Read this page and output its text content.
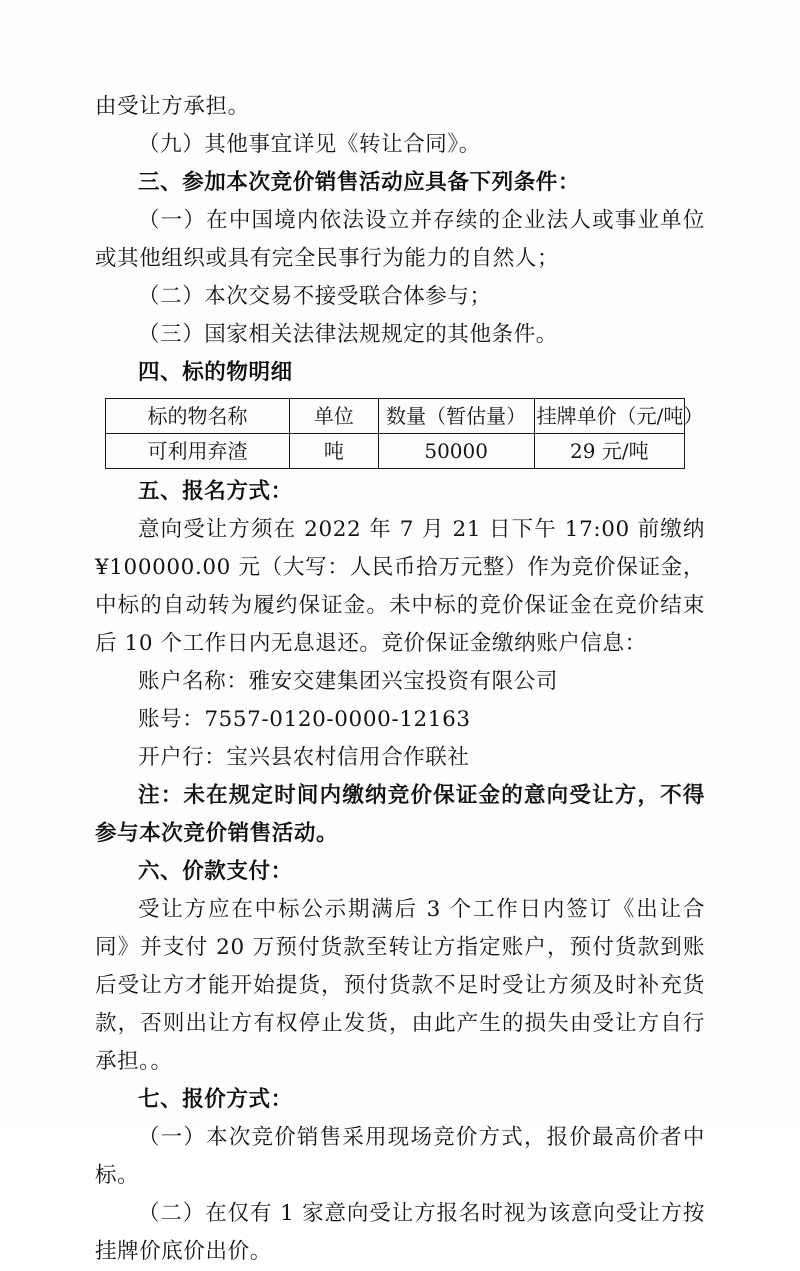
由受让方承担。

（九）其他事宜详见《转让合同》。

三、参加本次竞价销售活动应具备下列条件：

（一）在中国境内依法设立并存续的企业法人或事业单位或其他组织或具有完全民事行为能力的自然人；

（二）本次交易不接受联合体参与；

（三）国家相关法律法规规定的其他条件。

四、标的物明细

标的物名称	单位	数量（暂估量）	挂牌单价（元/吨）
可利用弃渣	吨	50000	29 元/吨

五、报名方式：

意向受让方须在 2022 年 7 月 21 日下午 17:00 前缴纳 ¥100000.00 元（大写：人民币拾万元整）作为竞价保证金，中标的自动转为履约保证金。未中标的竞价保证金在竞价结束后 10 个工作日内无息退还。竞价保证金缴纳账户信息：

账户名称：雅安交建集团兴宝投资有限公司

账号：7557-0120-0000-12163

开户行：宝兴县农村信用合作联社

注：未在规定时间内缴纳竞价保证金的意向受让方，不得参与本次竞价销售活动。

六、价款支付：

受让方应在中标公示期满后 3 个工作日内签订《出让合同》并支付 20 万预付货款至转让方指定账户，预付货款到账后受让方才能开始提货，预付货款不足时受让方须及时补充货款，否则出让方有权停止发货，由此产生的损失由受让方自行承担。。

七、报价方式：

（一）本次竞价销售采用现场竞价方式，报价最高价者中标。

（二）在仅有 1 家意向受让方报名时视为该意向受让方按挂牌价底价出价。
